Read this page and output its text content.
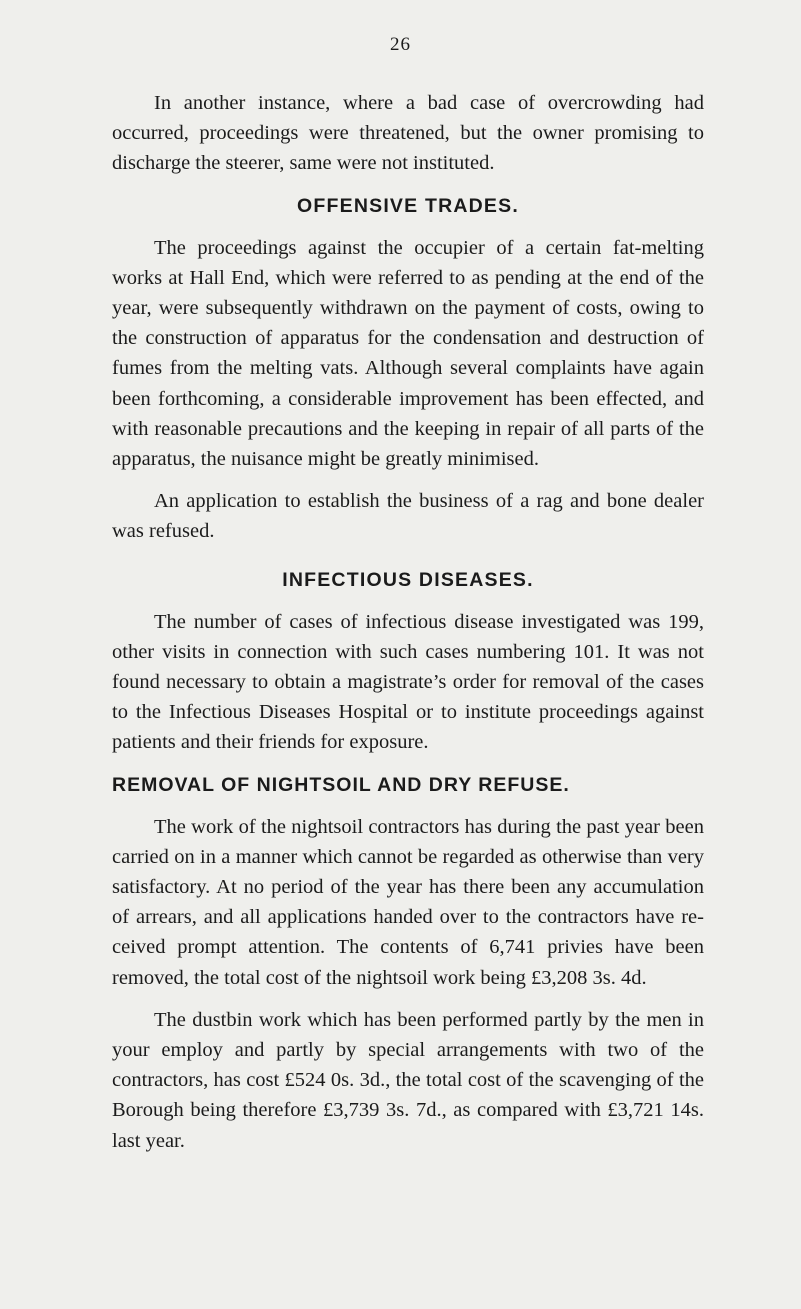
26

In another instance, where a bad case of overcrowding had occurred, proceedings were threatened, but the owner promising to discharge the steerer, same were not instituted.

OFFENSIVE TRADES.

The proceedings against the occupier of a certain fat-melting works at Hall End, which were referred to as pending at the end of the year, were subsequently withdrawn on the payment of costs, owing to the construction of apparatus for the condensation and destruction of fumes from the melting vats. Although several complaints have again been forthcoming, a considerable improvement has been effected, and with reasonable precautions and the keeping in repair of all parts of the apparatus, the nuisance might be greatly minimised.

An application to establish the business of a rag and bone dealer was refused.

INFECTIOUS DISEASES.

The number of cases of infectious disease investigated was 199, other visits in connection with such cases numbering 101. It was not found necessary to obtain a magistrate’s order for removal of the cases to the Infectious Diseases Hospital or to institute proceedings against patients and their friends for exposure.

REMOVAL OF NIGHTSOIL AND DRY REFUSE.

The work of the nightsoil contractors has during the past year been carried on in a manner which cannot be regarded as otherwise than very satisfactory. At no period of the year has there been any accumulation of arrears, and all applications handed over to the contractors have received prompt attention. The contents of 6,741 privies have been removed, the total cost of the nightsoil work being £3,208 3s. 4d.

The dustbin work which has been performed partly by the men in your employ and partly by special arrangements with two of the contractors, has cost £524 0s. 3d., the total cost of the scavenging of the Borough being therefore £3,739 3s. 7d., as compared with £3,721 14s. last year.
